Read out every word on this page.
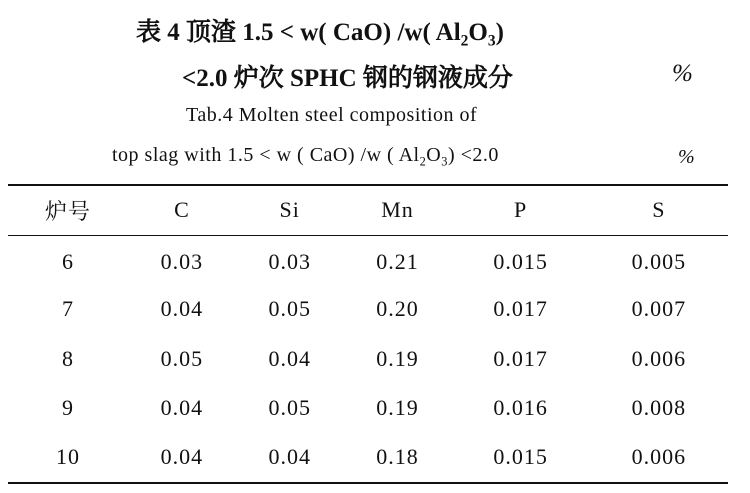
表 4 顶渣 1.5 < w( CaO) /w( $Al_2O_3$)
<2.0 炉次 SPHC 钢的钢液成分	%
Tab.4 Molten steel composition of
top slag with 1.5 < w ( CaO) /w ( $Al_2O_3) <2.0$	%
炉号	C	Si	Mn	P	S
6	0.03	0.03	0.21	0.015	0.005
7	0.04	0.05	0.20	0.017	0.007
8	0.05	0.04	0.19	0.017	0.006
9	0.04	0.05	0.19	0.016	0.008
10	0.04	0.04	0.18	0.015	0.006
